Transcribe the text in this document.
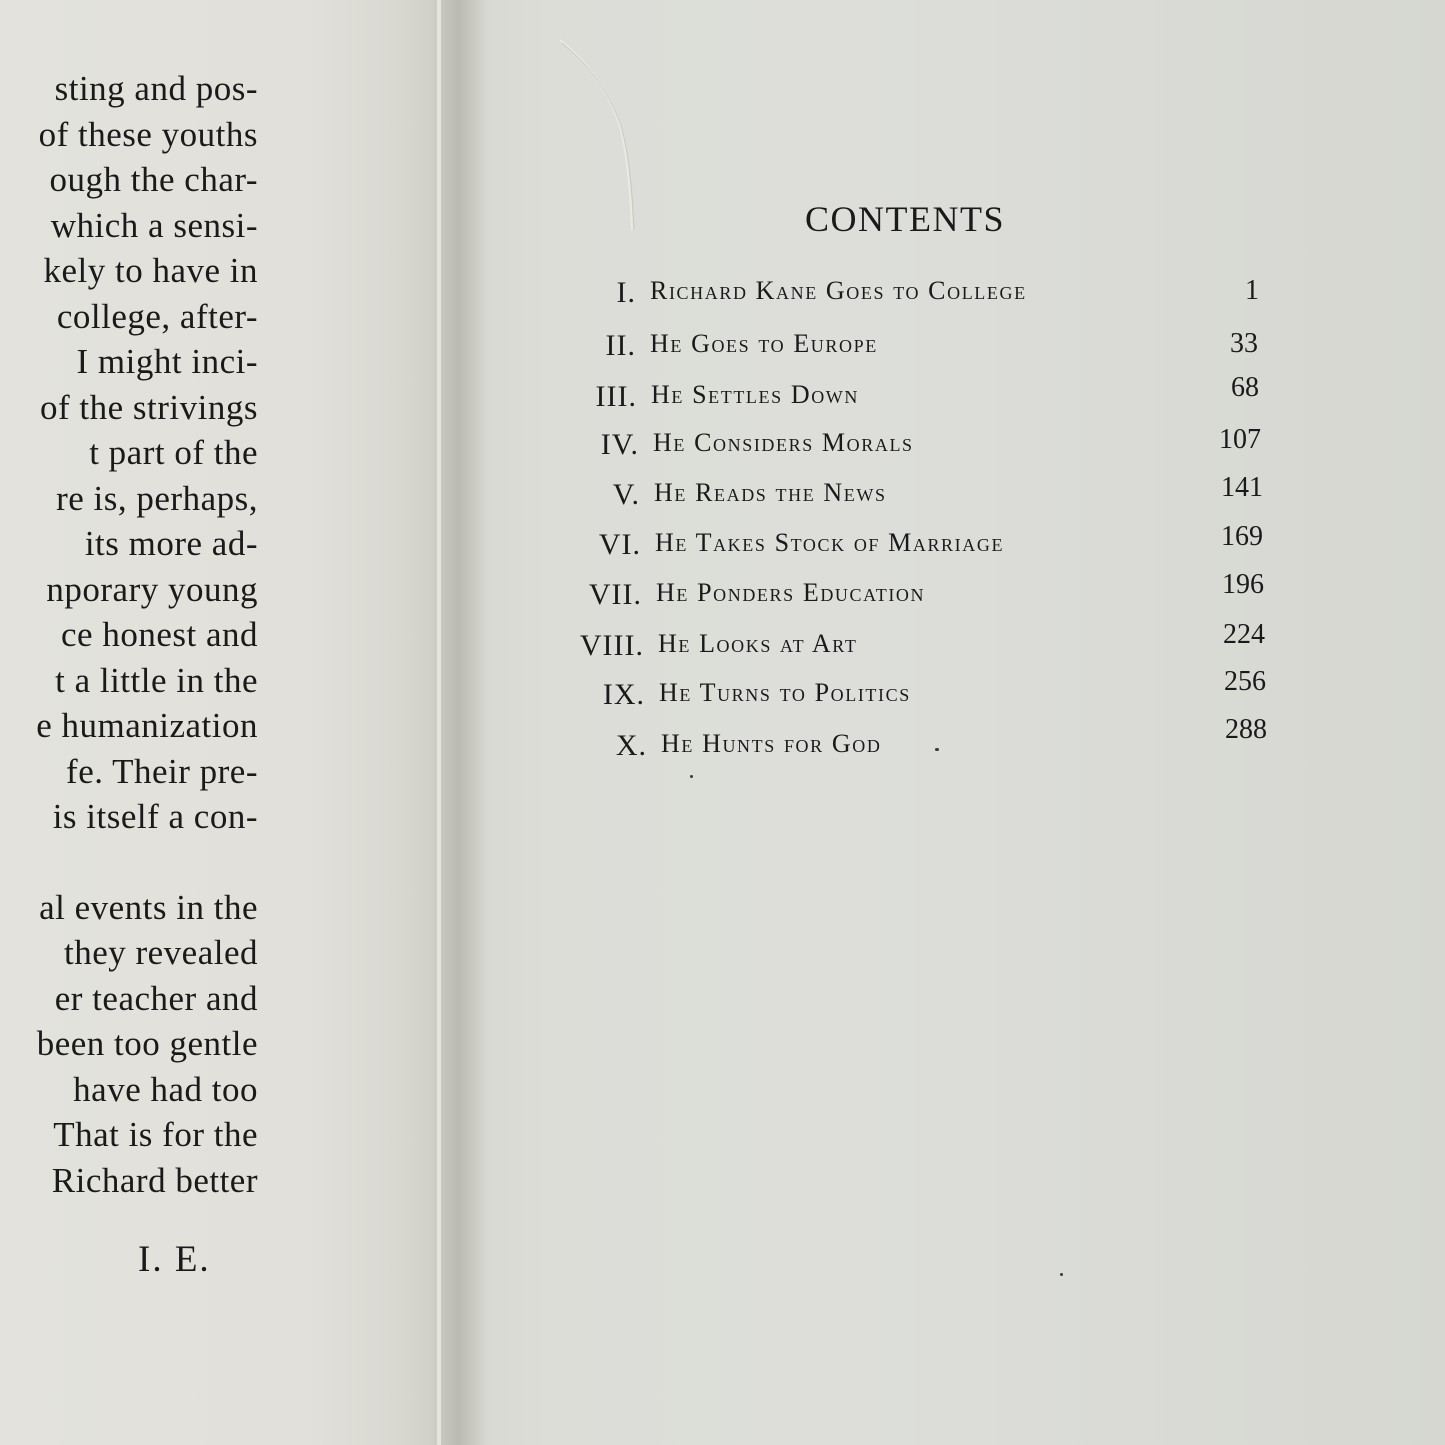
sting and pos-
of these youths
ough the char-
which a sensi-
kely to have in
college, after-
I might inci-
of the strivings
t part of the
re is, perhaps,
its more ad-
nporary young
ce honest and
t a little in the
e humanization
fe. Their pre-
is itself a con-
al events in the
they revealed
er teacher and
been too gentle
have had too
That is for the
Richard better
I. E.
CONTENTS
I. Richard Kane Goes to College	1
II. He Goes to Europe	33
III. He Settles Down	68
IV. He Considers Morals	107
V. He Reads the News	141
VI. He Takes Stock of Marriage	169
VII. He Ponders Education	196
VIII. He Looks at Art	224
IX. He Turns to Politics	256
X. He Hunts for God	288
